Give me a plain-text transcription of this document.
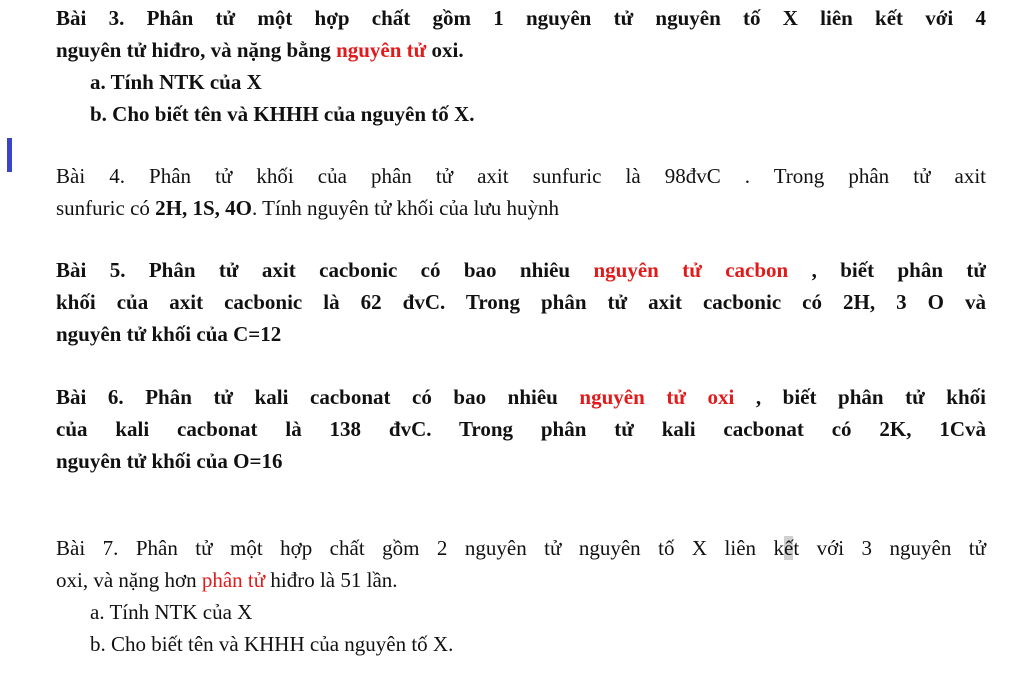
Bài 3. Phân tử một hợp chất gồm 1 nguyên tử nguyên tố X liên kết với 4
nguyên tử hiđro, và nặng bằng nguyên tử oxi.
a. Tính NTK của X
b. Cho biết tên và KHHH của nguyên tố X.
Bài 4. Phân tử khối của phân tử axit sunfuric là 98đvC . Trong phân tử axit
sunfuric có 2H, 1S, 4O. Tính nguyên tử khối của lưu huỳnh
Bài 5. Phân tử axit cacbonic có bao nhiêu nguyên tử cacbon , biết phân tử
khối của axit cacbonic là 62 đvC. Trong phân tử axit cacbonic có 2H, 3 O và
nguyên tử khối của C=12
Bài 6. Phân tử kali cacbonat có bao nhiêu nguyên tử oxi , biết phân tử khối
của kali cacbonat là 138 đvC. Trong phân tử kali cacbonat có 2K, 1Cvà
nguyên tử khối của O=16
Bài 7. Phân tử một hợp chất gồm 2 nguyên tử nguyên tố X liên kết với 3 nguyên tử
oxi, và nặng hơn phân tử hiđro là 51 lần.
a. Tính NTK của X
b. Cho biết tên và KHHH của nguyên tố X.
